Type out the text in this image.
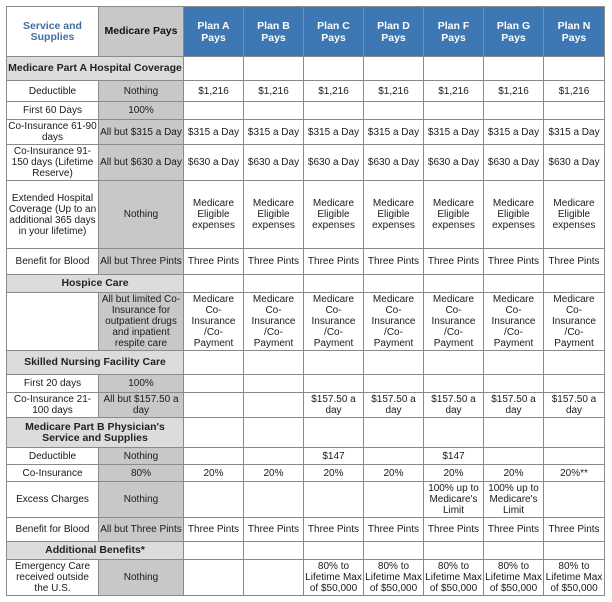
Service and Supplies	Medicare Pays	Plan A Pays	Plan B Pays	Plan C Pays	Plan D Pays	Plan F Pays	Plan G Pays	Plan N Pays
Medicare Part A Hospital Coverage								
Deductible	Nothing	$1,216	$1,216	$1,216	$1,216	$1,216	$1,216	$1,216
First 60 Days	100%							
Co-Insurance 61-90 days	All but $315 a Day	$315 a Day	$315 a Day	$315 a Day	$315 a Day	$315 a Day	$315 a Day	$315 a Day
Co-Insurance 91-150 days (Lifetime Reserve)	All but $630 a Day	$630 a Day	$630 a Day	$630 a Day	$630 a Day	$630 a Day	$630 a Day	$630 a Day
Extended Hospital Coverage (Up to an additional 365 days in your lifetime)	Nothing	Medicare Eligible expenses	Medicare Eligible expenses	Medicare Eligible expenses	Medicare Eligible expenses	Medicare Eligible expenses	Medicare Eligible expenses	Medicare Eligible expenses
Benefit for Blood	All but Three Pints	Three Pints	Three Pints	Three Pints	Three Pints	Three Pints	Three Pints	Three Pints
Hospice Care								
	All but limited Co-Insurance for outpatient drugs and inpatient respite care	Medicare Co-Insurance /Co-Payment	Medicare Co-Insurance /Co-Payment	Medicare Co-Insurance /Co-Payment	Medicare Co-Insurance /Co-Payment	Medicare Co-Insurance /Co-Payment	Medicare Co-Insurance /Co-Payment	Medicare Co-Insurance /Co-Payment
Skilled Nursing Facility Care								
First 20 days	100%							
Co-Insurance 21-100 days	All but $157.50 a day			$157.50 a day	$157.50 a day	$157.50 a day	$157.50 a day	$157.50 a day
Medicare Part B Physician's Service and Supplies								
Deductible	Nothing			$147		$147		
Co-Insurance	80%	20%	20%	20%	20%	20%	20%	20%**
Excess Charges	Nothing					100% up to Medicare's Limit	100% up to Medicare's Limit	
Benefit for Blood	All but Three Pints	Three Pints	Three Pints	Three Pints	Three Pints	Three Pints	Three Pints	Three Pints
Additional Benefits*								
Emergency Care received outside the U.S.	Nothing			80% to Lifetime Max of $50,000	80% to Lifetime Max of $50,000	80% to Lifetime Max of $50,000	80% to Lifetime Max of $50,000	80% to Lifetime Max of $50,000
